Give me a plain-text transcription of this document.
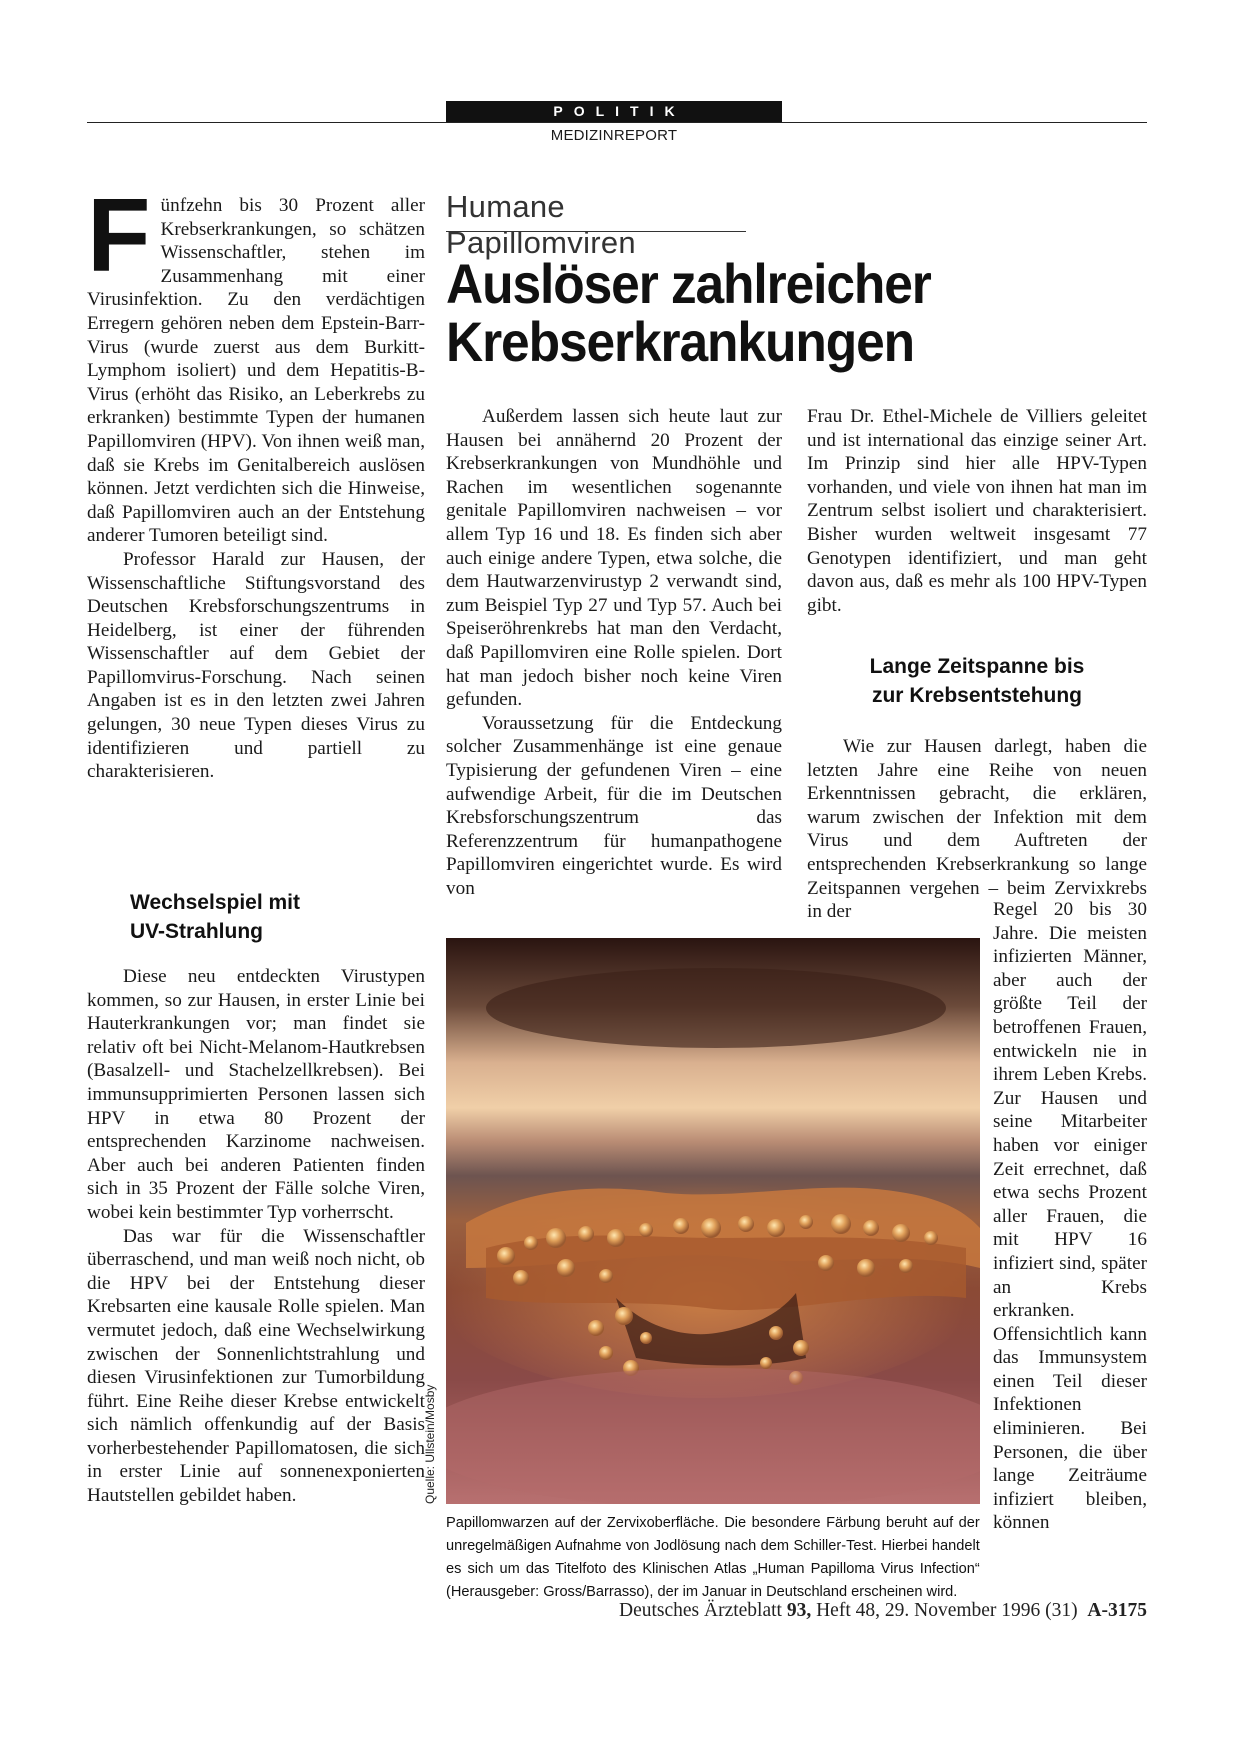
POLITIK
MEDIZINREPORT

Fünfzehn bis 30 Prozent aller Krebserkrankungen, so schätzen Wissenschaftler, stehen im Zusammenhang mit einer Virusinfektion. Zu den verdächtigen Erregern gehören neben dem Epstein-Barr-Virus (wurde zuerst aus dem Burkitt-Lymphom isoliert) und dem Hepatitis-B-Virus (erhöht das Risiko, an Leberkrebs zu erkranken) bestimmte Typen der humanen Papillomviren (HPV). Von ihnen weiß man, daß sie Krebs im Genitalbereich auslösen können. Jetzt verdichten sich die Hinweise, daß Papillomviren auch an der Entstehung anderer Tumoren beteiligt sind.

Professor Harald zur Hausen, der Wissenschaftliche Stiftungsvorstand des Deutschen Krebsforschungszentrums in Heidelberg, ist einer der führenden Wissenschaftler auf dem Gebiet der Papillomvirus-Forschung. Nach seinen Angaben ist es in den letzten zwei Jahren gelungen, 30 neue Typen dieses Virus zu identifizieren und partiell zu charakterisieren.

Wechselspiel mit
UV-Strahlung

Diese neu entdeckten Virustypen kommen, so zur Hausen, in erster Linie bei Hauterkrankungen vor; man findet sie relativ oft bei Nicht-Melanom-Hautkrebsen (Basalzell- und Stachelzellkrebsen). Bei immunsupprimierten Personen lassen sich HPV in etwa 80 Prozent der entsprechenden Karzinome nachweisen. Aber auch bei anderen Patienten finden sich in 35 Prozent der Fälle solche Viren, wobei kein bestimmter Typ vorherrscht.

Das war für die Wissenschaftler überraschend, und man weiß noch nicht, ob die HPV bei der Entstehung dieser Krebsarten eine kausale Rolle spielen. Man vermutet jedoch, daß eine Wechselwirkung zwischen der Sonnenlichtstrahlung und diesen Virusinfektionen zur Tumorbildung führt. Eine Reihe dieser Krebse entwickelt sich nämlich offenkundig auf der Basis vorherbestehender Papillomatosen, die sich in erster Linie auf sonnenexponierten Hautstellen gebildet haben.

Humane Papillomviren
Auslöser zahlreicher
Krebserkrankungen

Außerdem lassen sich heute laut zur Hausen bei annähernd 20 Prozent der Krebserkrankungen von Mundhöhle und Rachen im wesentlichen sogenannte genitale Papillomviren nachweisen – vor allem Typ 16 und 18. Es finden sich aber auch einige andere Typen, etwa solche, die dem Hautwarzenvirustyp 2 verwandt sind, zum Beispiel Typ 27 und Typ 57. Auch bei Speiseröhrenkrebs hat man den Verdacht, daß Papillomviren eine Rolle spielen. Dort hat man jedoch bisher noch keine Viren gefunden.

Voraussetzung für die Entdeckung solcher Zusammenhänge ist eine genaue Typisierung der gefundenen Viren – eine aufwendige Arbeit, für die im Deutschen Krebsforschungszentrum das Referenzzentrum für humanpathogene Papillomviren eingerichtet wurde. Es wird von

Frau Dr. Ethel-Michele de Villiers geleitet und ist international das einzige seiner Art. Im Prinzip sind hier alle HPV-Typen vorhanden, und viele von ihnen hat man im Zentrum selbst isoliert und charakterisiert. Bisher wurden weltweit insgesamt 77 Genotypen identifiziert, und man geht davon aus, daß es mehr als 100 HPV-Typen gibt.

Lange Zeitspanne bis
zur Krebsentstehung

Wie zur Hausen darlegt, haben die letzten Jahre eine Reihe von neuen Erkenntnissen gebracht, die erklären, warum zwischen der Infektion mit dem Virus und dem Auftreten der entsprechenden Krebserkrankung so lange Zeitspannen vergehen – beim Zervixkrebs in der	Regel 20 bis 30 Jahre. Die meisten infizierten Männer, aber auch der größte Teil der betroffenen Frauen, entwickeln nie in ihrem Leben Krebs. Zur Hausen und seine Mitarbeiter haben vor einiger Zeit errechnet, daß etwa sechs Prozent aller Frauen, die mit HPV 16 infiziert sind, später an Krebs erkranken. Offensichtlich kann das Immunsystem einen Teil dieser Infektionen eliminieren. Bei Personen, die über lange Zeiträume infiziert bleiben, können

Quelle: Ullstein/Mosby
Papillomwarzen auf der Zervixoberfläche. Die besondere Färbung beruht auf der unregelmäßigen Aufnahme von Jodlösung nach dem Schiller-Test. Hierbei handelt es sich um das Titelfoto des Klinischen Atlas „Human Papilloma Virus Infection“ (Herausgeber: Gross/Barrasso), der im Januar in Deutschland erscheinen wird.
Deutsches Ärzteblatt 93, Heft 48, 29. November 1996 (31) A-3175
